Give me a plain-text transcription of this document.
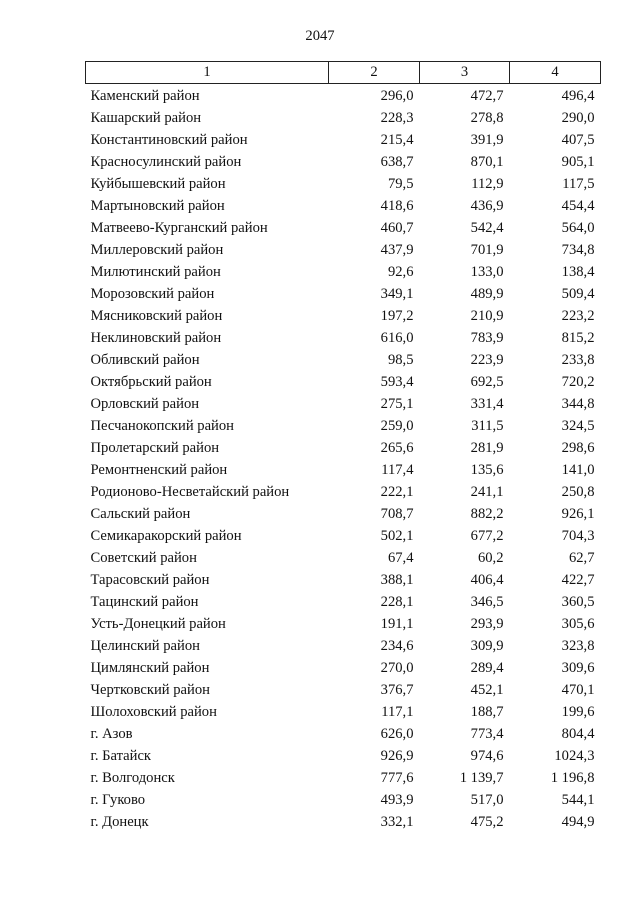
2047
1	2	3	4
Каменский район	296,0	472,7	496,4
Кашарский район	228,3	278,8	290,0
Константиновский район	215,4	391,9	407,5
Красносулинский район	638,7	870,1	905,1
Куйбышевский район	79,5	112,9	117,5
Мартыновский район	418,6	436,9	454,4
Матвеево-Курганский район	460,7	542,4	564,0
Миллеровский район	437,9	701,9	734,8
Милютинский район	92,6	133,0	138,4
Морозовский район	349,1	489,9	509,4
Мясниковский район	197,2	210,9	223,2
Неклиновский район	616,0	783,9	815,2
Обливский район	98,5	223,9	233,8
Октябрьский район	593,4	692,5	720,2
Орловский район	275,1	331,4	344,8
Песчанокопский район	259,0	311,5	324,5
Пролетарский район	265,6	281,9	298,6
Ремонтненский район	117,4	135,6	141,0
Родионово-Несветайский район	222,1	241,1	250,8
Сальский район	708,7	882,2	926,1
Семикаракорский район	502,1	677,2	704,3
Советский район	67,4	60,2	62,7
Тарасовский район	388,1	406,4	422,7
Тацинский район	228,1	346,5	360,5
Усть-Донецкий район	191,1	293,9	305,6
Целинский район	234,6	309,9	323,8
Цимлянский район	270,0	289,4	309,6
Чертковский район	376,7	452,1	470,1
Шолоховский район	117,1	188,7	199,6
г. Азов	626,0	773,4	804,4
г. Батайск	926,9	974,6	1024,3
г. Волгодонск	777,6	1 139,7	1 196,8
г. Гуково	493,9	517,0	544,1
г. Донецк	332,1	475,2	494,9
